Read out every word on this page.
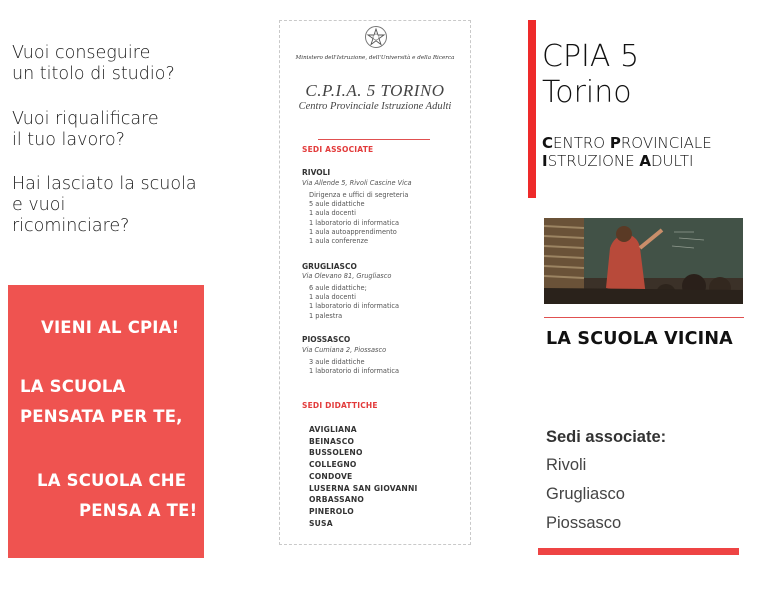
Vuoi conseguire
un titolo di studio?
Vuoi riqualificare
il tuo lavoro?
Hai lasciato la scuola
e vuoi
ricominciare?
VIENI AL CPIA!
LA SCUOLA
PENSATA PER TE,
LA SCUOLA CHE
PENSA A TE!
Ministero dell'Istruzione, dell'Università e della Ricerca
C.P.I.A. 5 TORINO
Centro Provinciale Istruzione Adulti
SEDI ASSOCIATE
RIVOLI
Via Allende 5, Rivoli Cascine Vica
Dirigenza e uffici di segreteria
5 aule didattiche
1 aula docenti
1 laboratorio di informatica
1 aula autoapprendimento
1 aula conferenze
GRUGLIASCO
Via Olevano 81, Grugliasco
6 aule didattiche;
1 aula docenti
1 laboratorio di informatica
1 palestra
PIOSSASCO
Via Cumiana 2, Piossasco
3 aule didattiche
1 laboratorio di informatica
SEDI DIDATTICHE
AVIGLIANA
BEINASCO
BUSSOLENO
COLLEGNO
CONDOVE
LUSERNA SAN GIOVANNI
ORBASSANO
PINEROLO
SUSA
CPIA 5
Torino
CENTRO PROVINCIALE
ISTRUZIONE ADULTI
LA SCUOLA VICINA
Sedi associate:
Rivoli
Grugliasco
Piossasco
